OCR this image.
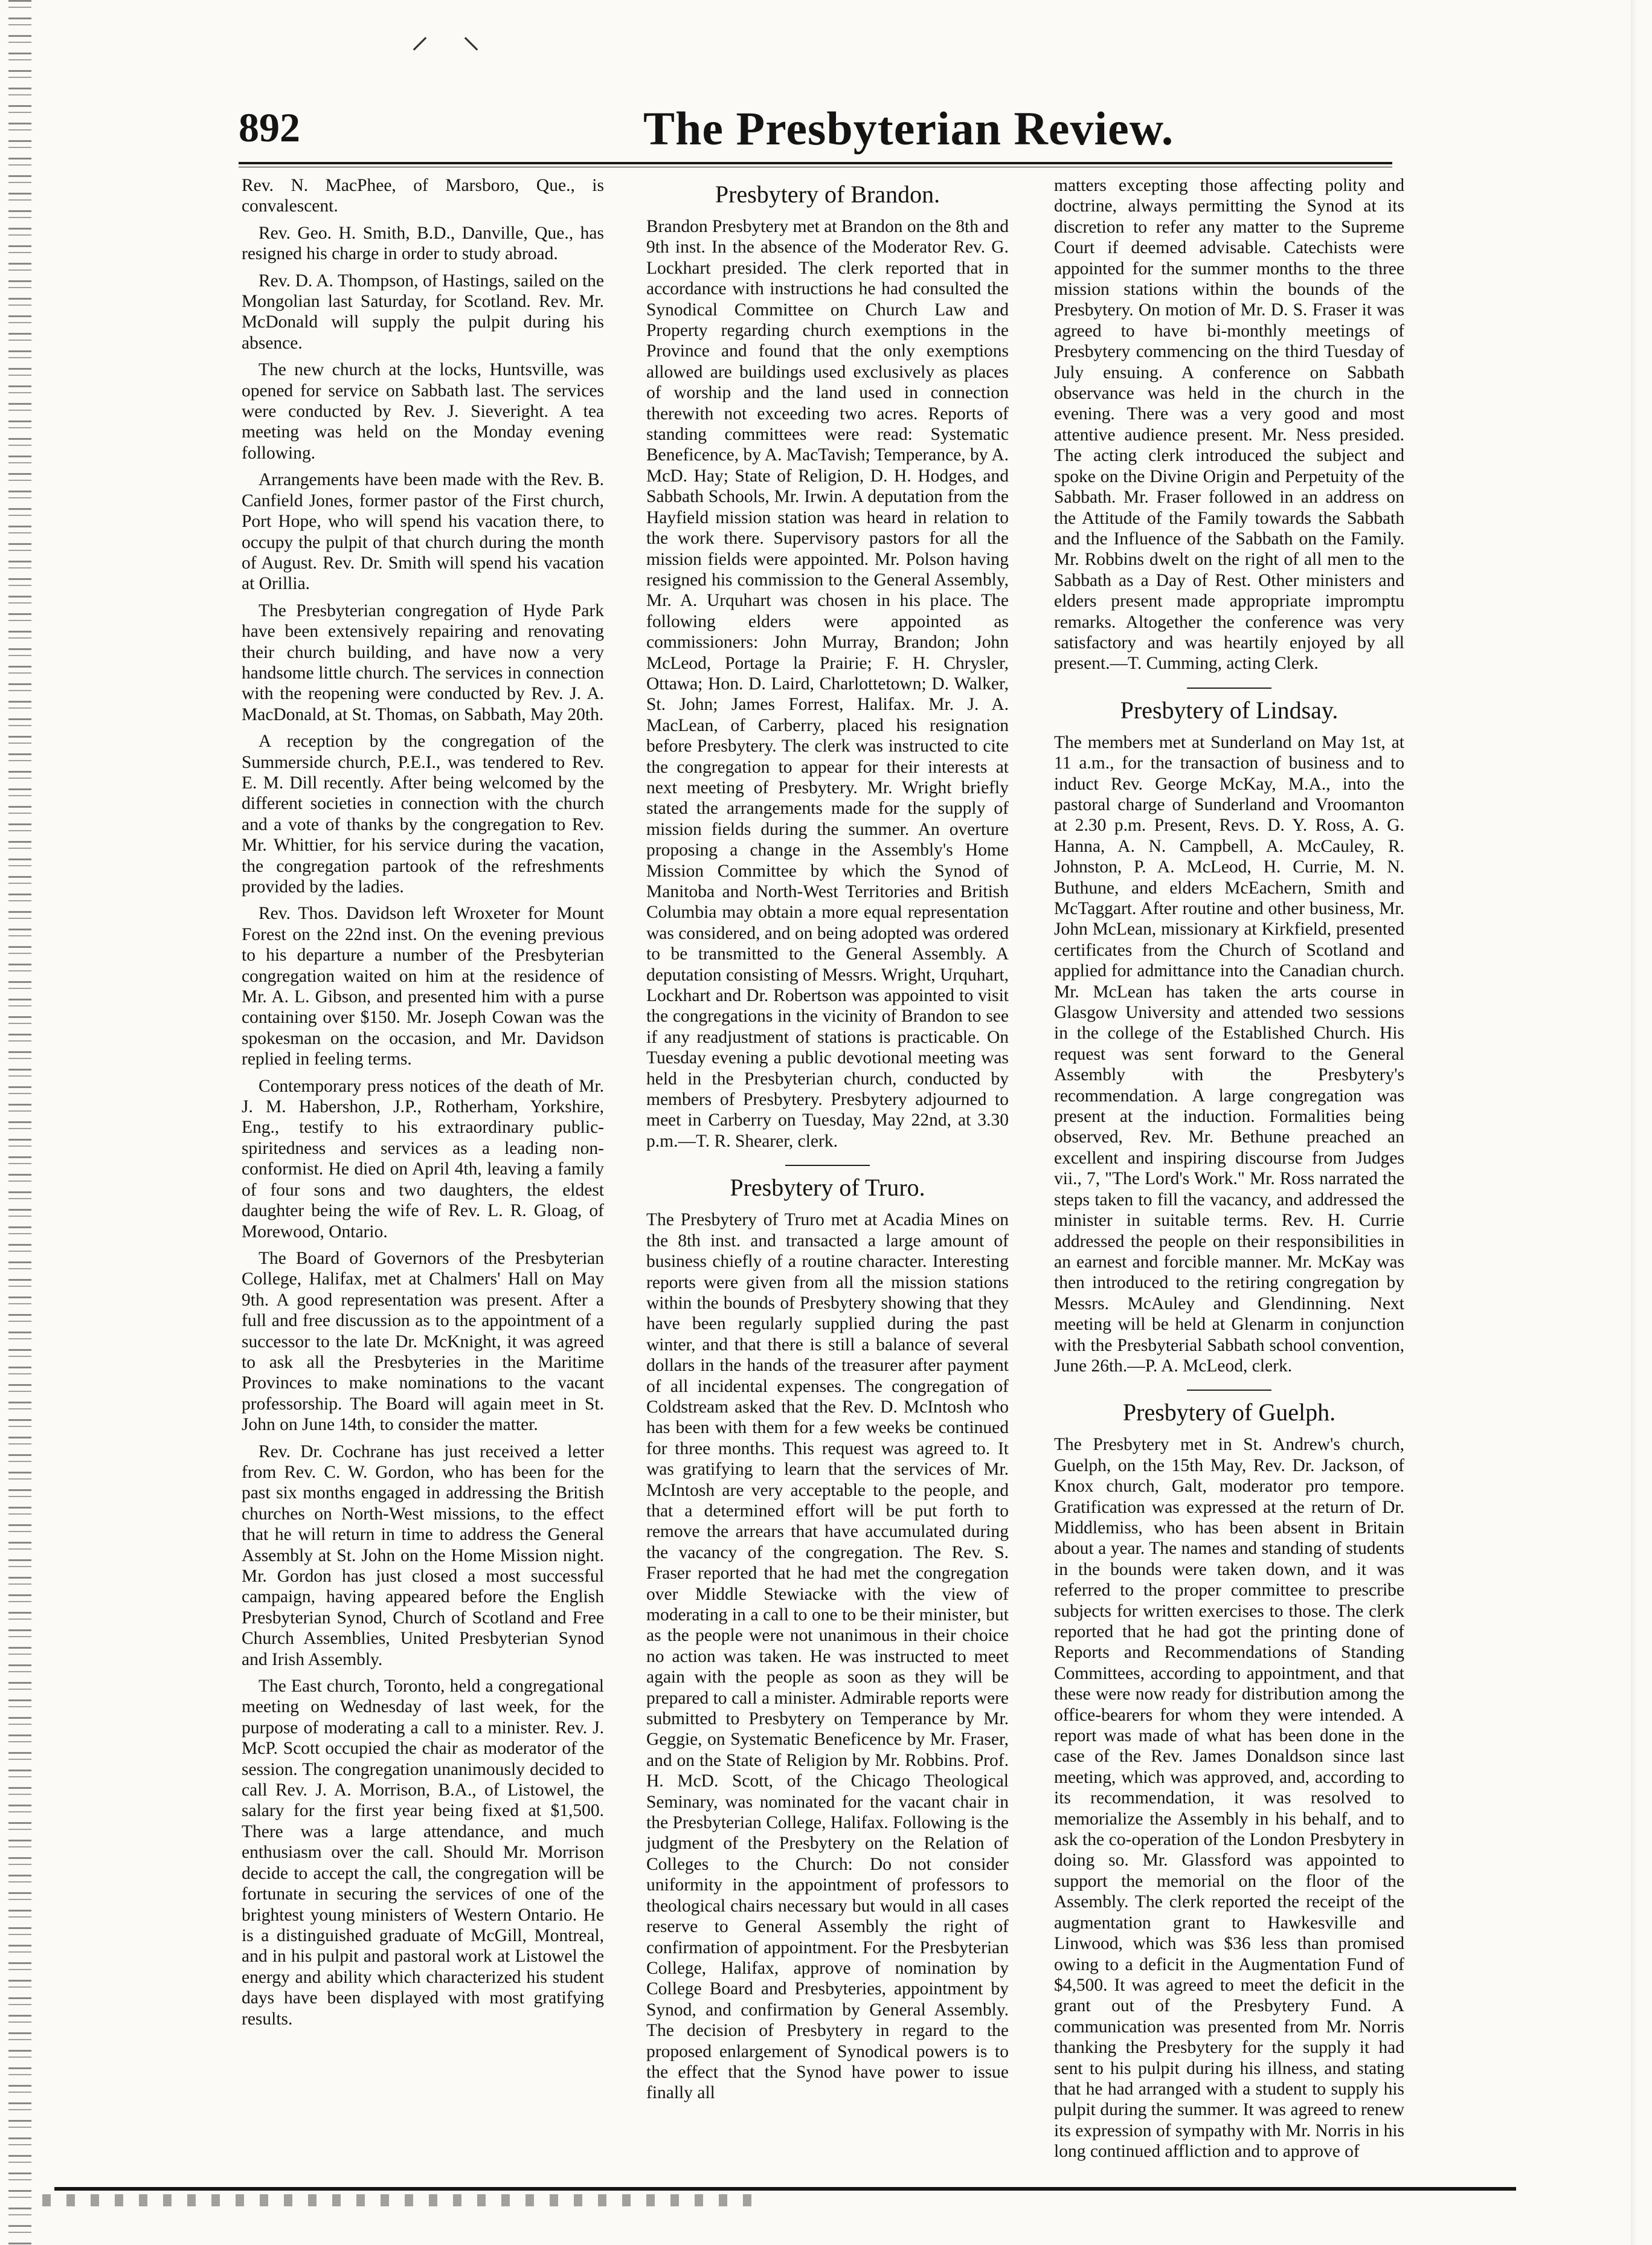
⸍ ⸌
892	The Presbyterian Review.

Rev. N. MacPhee, of Marsboro, Que., is convalescent.

Rev. Geo. H. Smith, B.D., Danville, Que., has resigned his charge in order to study abroad.

Rev. D. A. Thompson, of Hastings, sailed on the Mongolian last Saturday, for Scotland. Rev. Mr. McDonald will supply the pulpit during his absence.

The new church at the locks, Huntsville, was opened for service on Sabbath last. The services were conducted by Rev. J. Sieveright. A tea meeting was held on the Monday evening following.

Arrangements have been made with the Rev. B. Canfield Jones, former pastor of the First church, Port Hope, who will spend his vacation there, to occupy the pulpit of that church during the month of August. Rev. Dr. Smith will spend his vacation at Orillia.

The Presbyterian congregation of Hyde Park have been extensively repairing and renovating their church building, and have now a very handsome little church. The services in connection with the reopening were conducted by Rev. J. A. MacDonald, at St. Thomas, on Sabbath, May 20th.

A reception by the congregation of the Summerside church, P.E.I., was tendered to Rev. E. M. Dill recently. After being welcomed by the different societies in connection with the church and a vote of thanks by the congregation to Rev. Mr. Whittier, for his service during the vacation, the congregation partook of the refreshments provided by the ladies.

Rev. Thos. Davidson left Wroxeter for Mount Forest on the 22nd inst. On the evening previous to his departure a number of the Presbyterian congregation waited on him at the residence of Mr. A. L. Gibson, and presented him with a purse containing over $150. Mr. Joseph Cowan was the spokesman on the occasion, and Mr. Davidson replied in feeling terms.

Contemporary press notices of the death of Mr. J. M. Habershon, J.P., Rotherham, Yorkshire, Eng., testify to his extraordinary public-spiritedness and services as a leading non-conformist. He died on April 4th, leaving a family of four sons and two daughters, the eldest daughter being the wife of Rev. L. R. Gloag, of Morewood, Ontario.

The Board of Governors of the Presbyterian College, Halifax, met at Chalmers' Hall on May 9th. A good representation was present. After a full and free discussion as to the appointment of a successor to the late Dr. McKnight, it was agreed to ask all the Presbyteries in the Maritime Provinces to make nominations to the vacant professorship. The Board will again meet in St. John on June 14th, to consider the matter.

Rev. Dr. Cochrane has just received a letter from Rev. C. W. Gordon, who has been for the past six months engaged in addressing the British churches on North-West missions, to the effect that he will return in time to address the General Assembly at St. John on the Home Mission night. Mr. Gordon has just closed a most successful campaign, having appeared before the English Presbyterian Synod, Church of Scotland and Free Church Assemblies, United Presbyterian Synod and Irish Assembly.

The East church, Toronto, held a congregational meeting on Wednesday of last week, for the purpose of moderating a call to a minister. Rev. J. McP. Scott occupied the chair as moderator of the session. The congregation unanimously decided to call Rev. J. A. Morrison, B.A., of Listowel, the salary for the first year being fixed at $1,500. There was a large attendance, and much enthusiasm over the call. Should Mr. Morrison decide to accept the call, the congregation will be fortunate in securing the services of one of the brightest young ministers of Western Ontario. He is a distinguished graduate of McGill, Montreal, and in his pulpit and pastoral work at Listowel the energy and ability which characterized his student days have been displayed with most gratifying results.

Presbytery of Brandon.

Brandon Presbytery met at Brandon on the 8th and 9th inst. In the absence of the Moderator Rev. G. Lockhart presided. The clerk reported that in accordance with instructions he had consulted the Synodical Committee on Church Law and Property regarding church exemptions in the Province and found that the only exemptions allowed are buildings used exclusively as places of worship and the land used in connection therewith not exceeding two acres. Reports of standing committees were read: Systematic Beneficence, by A. MacTavish; Temperance, by A. McD. Hay; State of Religion, D. H. Hodges, and Sabbath Schools, Mr. Irwin. A deputation from the Hayfield mission station was heard in relation to the work there. Supervisory pastors for all the mission fields were appointed. Mr. Polson having resigned his commission to the General Assembly, Mr. A. Urquhart was chosen in his place. The following elders were appointed as commissioners: John Murray, Brandon; John McLeod, Portage la Prairie; F. H. Chrysler, Ottawa; Hon. D. Laird, Charlottetown; D. Walker, St. John; James Forrest, Halifax. Mr. J. A. MacLean, of Carberry, placed his resignation before Presbytery. The clerk was instructed to cite the congregation to appear for their interests at next meeting of Presbytery. Mr. Wright briefly stated the arrangements made for the supply of mission fields during the summer. An overture proposing a change in the Assembly's Home Mission Committee by which the Synod of Manitoba and North-West Territories and British Columbia may obtain a more equal representation was considered, and on being adopted was ordered to be transmitted to the General Assembly. A deputation consisting of Messrs. Wright, Urquhart, Lockhart and Dr. Robertson was appointed to visit the congregations in the vicinity of Brandon to see if any readjustment of stations is practicable. On Tuesday evening a public devotional meeting was held in the Presbyterian church, conducted by members of Presbytery. Presbytery adjourned to meet in Carberry on Tuesday, May 22nd, at 3.30 p.m.—T. R. Shearer, clerk.

Presbytery of Truro.

The Presbytery of Truro met at Acadia Mines on the 8th inst. and transacted a large amount of business chiefly of a routine character. Interesting reports were given from all the mission stations within the bounds of Presbytery showing that they have been regularly supplied during the past winter, and that there is still a balance of several dollars in the hands of the treasurer after payment of all incidental expenses. The congregation of Coldstream asked that the Rev. D. McIntosh who has been with them for a few weeks be continued for three months. This request was agreed to. It was gratifying to learn that the services of Mr. McIntosh are very acceptable to the people, and that a determined effort will be put forth to remove the arrears that have accumulated during the vacancy of the congregation. The Rev. S. Fraser reported that he had met the congregation over Middle Stewiacke with the view of moderating in a call to one to be their minister, but as the people were not unanimous in their choice no action was taken. He was instructed to meet again with the people as soon as they will be prepared to call a minister. Admirable reports were submitted to Presbytery on Temperance by Mr. Geggie, on Systematic Beneficence by Mr. Fraser, and on the State of Religion by Mr. Robbins. Prof. H. McD. Scott, of the Chicago Theological Seminary, was nominated for the vacant chair in the Presbyterian College, Halifax. Following is the judgment of the Presbytery on the Relation of Colleges to the Church: Do not consider uniformity in the appointment of professors to theological chairs necessary but would in all cases reserve to General Assembly the right of confirmation of appointment. For the Presbyterian College, Halifax, approve of nomination by College Board and Presbyteries, appointment by Synod, and confirmation by General Assembly. The decision of Presbytery in regard to the proposed enlargement of Synodical powers is to the effect that the Synod have power to issue finally all

matters excepting those affecting polity and doctrine, always permitting the Synod at its discretion to refer any matter to the Supreme Court if deemed advisable. Catechists were appointed for the summer months to the three mission stations within the bounds of the Presbytery. On motion of Mr. D. S. Fraser it was agreed to have bi-monthly meetings of Presbytery commencing on the third Tuesday of July ensuing. A conference on Sabbath observance was held in the church in the evening. There was a very good and most attentive audience present. Mr. Ness presided. The acting clerk introduced the subject and spoke on the Divine Origin and Perpetuity of the Sabbath. Mr. Fraser followed in an address on the Attitude of the Family towards the Sabbath and the Influence of the Sabbath on the Family. Mr. Robbins dwelt on the right of all men to the Sabbath as a Day of Rest. Other ministers and elders present made appropriate impromptu remarks. Altogether the conference was very satisfactory and was heartily enjoyed by all present.—T. Cumming, acting Clerk.

Presbytery of Lindsay.

The members met at Sunderland on May 1st, at 11 a.m., for the transaction of business and to induct Rev. George McKay, M.A., into the pastoral charge of Sunderland and Vroomanton at 2.30 p.m. Present, Revs. D. Y. Ross, A. G. Hanna, A. N. Campbell, A. McCauley, R. Johnston, P. A. McLeod, H. Currie, M. N. Buthune, and elders McEachern, Smith and McTaggart. After routine and other business, Mr. John McLean, missionary at Kirkfield, presented certificates from the Church of Scotland and applied for admittance into the Canadian church. Mr. McLean has taken the arts course in Glasgow University and attended two sessions in the college of the Established Church. His request was sent forward to the General Assembly with the Presbytery's recommendation. A large congregation was present at the induction. Formalities being observed, Rev. Mr. Bethune preached an excellent and inspiring discourse from Judges vii., 7, "The Lord's Work." Mr. Ross narrated the steps taken to fill the vacancy, and addressed the minister in suitable terms. Rev. H. Currie addressed the people on their responsibilities in an earnest and forcible manner. Mr. McKay was then introduced to the retiring congregation by Messrs. McAuley and Glendinning. Next meeting will be held at Glenarm in conjunction with the Presbyterial Sabbath school convention, June 26th.—P. A. McLeod, clerk.

Presbytery of Guelph.

The Presbytery met in St. Andrew's church, Guelph, on the 15th May, Rev. Dr. Jackson, of Knox church, Galt, moderator pro tempore. Gratification was expressed at the return of Dr. Middlemiss, who has been absent in Britain about a year. The names and standing of students in the bounds were taken down, and it was referred to the proper committee to prescribe subjects for written exercises to those. The clerk reported that he had got the printing done of Reports and Recommendations of Standing Committees, according to appointment, and that these were now ready for distribution among the office-bearers for whom they were intended. A report was made of what has been done in the case of the Rev. James Donaldson since last meeting, which was approved, and, according to its recommendation, it was resolved to memorialize the Assembly in his behalf, and to ask the co-operation of the London Presbytery in doing so. Mr. Glassford was appointed to support the memorial on the floor of the Assembly. The clerk reported the receipt of the augmentation grant to Hawkesville and Linwood, which was $36 less than promised owing to a deficit in the Augmentation Fund of $4,500. It was agreed to meet the deficit in the grant out of the Presbytery Fund. A communication was presented from Mr. Norris thanking the Presbytery for the supply it had sent to his pulpit during his illness, and stating that he had arranged with a student to supply his pulpit during the summer. It was agreed to renew its expression of sympathy with Mr. Norris in his long continued affliction and to approve of
